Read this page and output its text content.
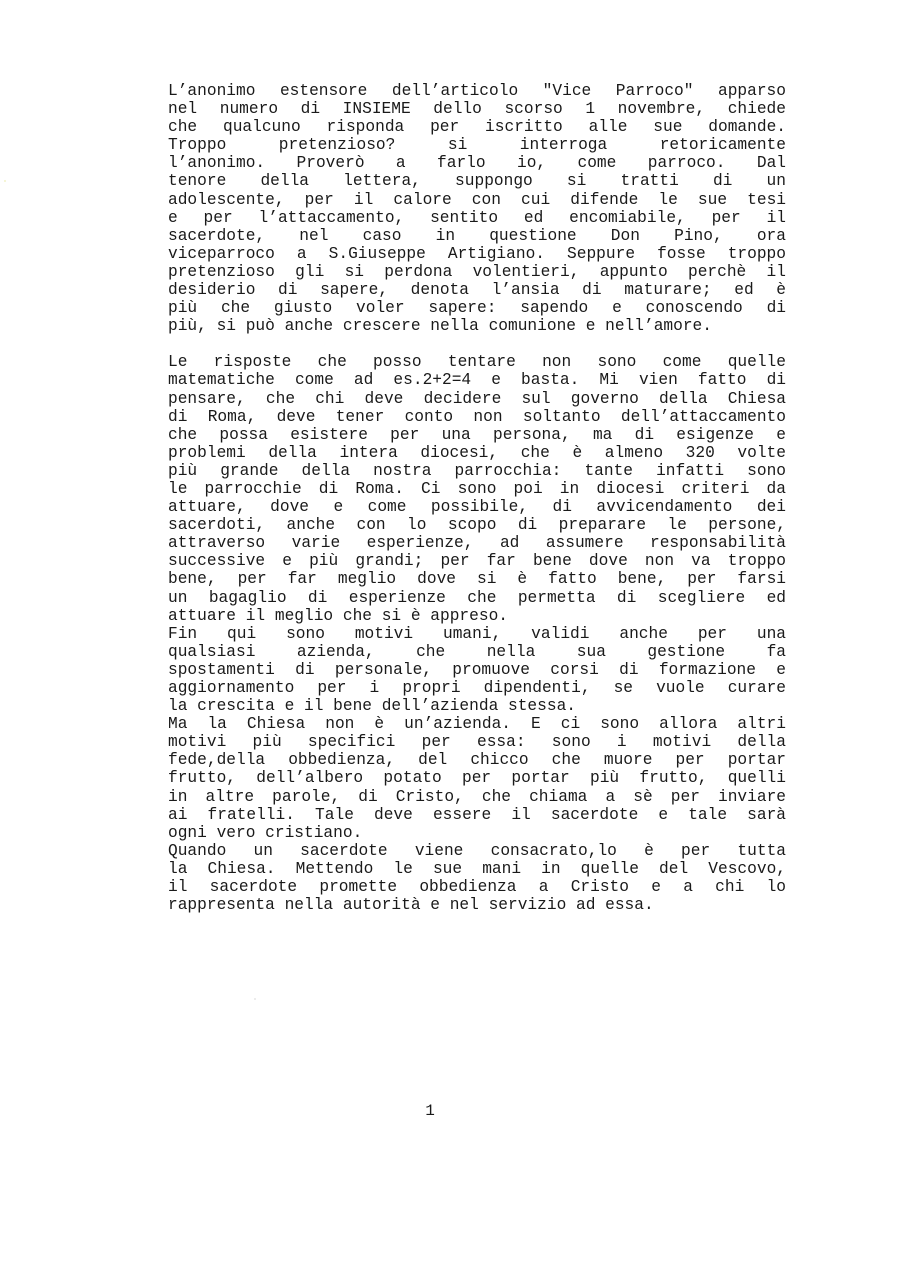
L’anonimo estensore dell’articolo "Vice Parroco" apparso
nel numero di INSIEME dello scorso 1 novembre, chiede
che qualcuno risponda per iscritto alle sue domande.
Troppo pretenzioso? si interroga retoricamente
l’anonimo. Proverò a farlo io, come parroco. Dal
tenore della lettera, suppongo si tratti di un
adolescente, per il calore con cui difende le sue tesi
e per l’attaccamento, sentito ed encomiabile, per il
sacerdote, nel caso in questione Don Pino, ora
viceparroco a S.Giuseppe Artigiano. Seppure fosse troppo
pretenzioso gli si perdona volentieri, appunto perchè il
desiderio di sapere, denota l’ansia di maturare; ed è
più che giusto voler sapere: sapendo e conoscendo di
più, si può anche crescere nella comunione e nell’amore.
Le risposte che posso tentare non sono come quelle
matematiche come ad es.2+2=4 e basta. Mi vien fatto di
pensare, che chi deve decidere sul governo della Chiesa
di Roma, deve tener conto non soltanto dell’attaccamento
che possa esistere per una persona, ma di esigenze e
problemi della intera diocesi, che è almeno 320 volte
più grande della nostra parrocchia: tante infatti sono
le parrocchie di Roma. Ci sono poi in diocesi criteri da
attuare, dove e come possibile, di avvicendamento dei
sacerdoti, anche con lo scopo di preparare le persone,
attraverso varie esperienze, ad assumere responsabilità
successive e più grandi; per far bene dove non va troppo
bene, per far meglio dove si è fatto bene, per farsi
un bagaglio di esperienze che permetta di scegliere ed
attuare il meglio che si è appreso.
Fin qui sono motivi umani, validi anche per una
qualsiasi azienda, che nella sua gestione fa
spostamenti di personale, promuove corsi di formazione e
aggiornamento per i propri dipendenti, se vuole curare
la crescita e il bene dell’azienda stessa.
Ma la Chiesa non è un’azienda. E ci sono allora altri
motivi più specifici per essa: sono i motivi della
fede,della obbedienza, del chicco che muore per portar
frutto, dell’albero potato per portar più frutto, quelli
in altre parole, di Cristo, che chiama a sè per inviare
ai fratelli. Tale deve essere il sacerdote e tale sarà
ogni vero cristiano.
Quando un sacerdote viene consacrato,lo è per tutta
la Chiesa. Mettendo le sue mani in quelle del Vescovo,
il sacerdote promette obbedienza a Cristo e a chi lo
rappresenta nella autorità e nel servizio ad essa.
1
